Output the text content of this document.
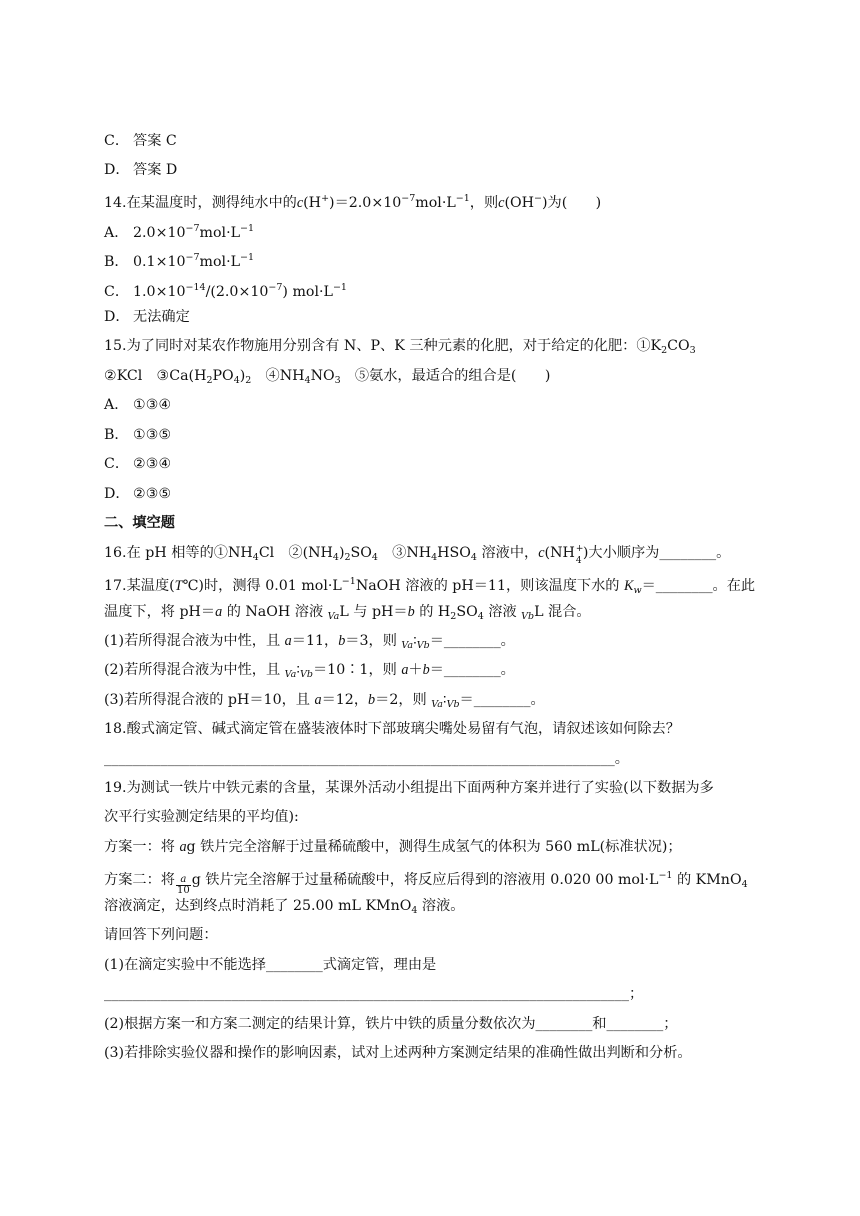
C． 答案 C
D． 答案 D
14.在某温度时，测得纯水中的$c(H^+)=2.0\times 10^{-7}mol\cdot L^{-1}$，则c(OH−)为(　　)
A． $2.0\times 10^{-7}mol\cdot L^{-1}$
B． $0.1\times 10^{-7}mol\cdot L^{-1}$
C． $1.0\times 10^{-14}/(2.0\times 10^{-7})$ $mol\cdot L^{-1}$
D． 无法确定
15.为了同时对某农作物施用分别含有 N、P、K 三种元素的化肥，对于给定的化肥：$①K_2CO_3$
②KCl　$③Ca(H_2PO_4)_2$　$④NH_4NO_3$　⑤氨水，最适合的组合是(　　)
A． ①③④
B． ①③⑤
C． ②③④
D． ②③⑤
二、填空题
16.在 pH 相等的$①NH_4Cl$　$②(NH_4)_2SO_4$　$③NH_4HSO_4$ 溶液中，c(NH +
4 )大小顺序为________。
17.某温度(T℃)时，测得 0.01 $mol\cdot L^{-1}NaOH$ 溶液的 pH＝11，则该温度下水的 $K_w=\_\_\_\_\_\_\_\_$。在此
温度下，将 pH＝a 的 NaOH 溶液 $_{Va}$L 与 pH＝b 的 $H_2SO_4$ 溶液 $_{Vb}$L 混合。
(1)若所得混合液为中性，且 a＝11，b＝3，则 $_{Va}∶_{Vb}=\_\_\_\_\_\_\_\_$。
(2)若所得混合液为中性，且 $_{Va}∶_{Vb}=10∶1$，则 a＋b＝________。
(3)若所得混合液的 pH＝10，且 a＝12，b＝2，则 $_{Va}∶_{Vb}=\_\_\_\_\_\_\_\_$。
18.酸式滴定管、碱式滴定管在盛装液体时下部玻璃尖嘴处易留有气泡，请叙述该如何除去？
________________________________________________________________________。
19.为测试一铁片中铁元素的含量，某课外活动小组提出下面两种方案并进行了实验(以下数据为多
次平行实验测定结果的平均值):
方案一：将 ag 铁片完全溶解于过量稀硫酸中，测得生成氢气的体积为 560 mL(标准状况)；
方案二：将 $\frac{a}{10}$ g 铁片完全溶解于过量稀硫酸中，将反应后得到的溶液用 0.020 00 $mol\cdot L^{-1}$ 的 KMnO$_4$
溶液滴定，达到终点时消耗了 25.00 mL KMnO$_4$ 溶液。
请回答下列问题：
(1)在滴定实验中不能选择________式滴定管，理由是
__________________________________________________________________________；
(2)根据方案一和方案二测定的结果计算，铁片中铁的质量分数依次为________和________；
(3)若排除实验仪器和操作的影响因素，试对上述两种方案测定结果的准确性做出判断和分析。
